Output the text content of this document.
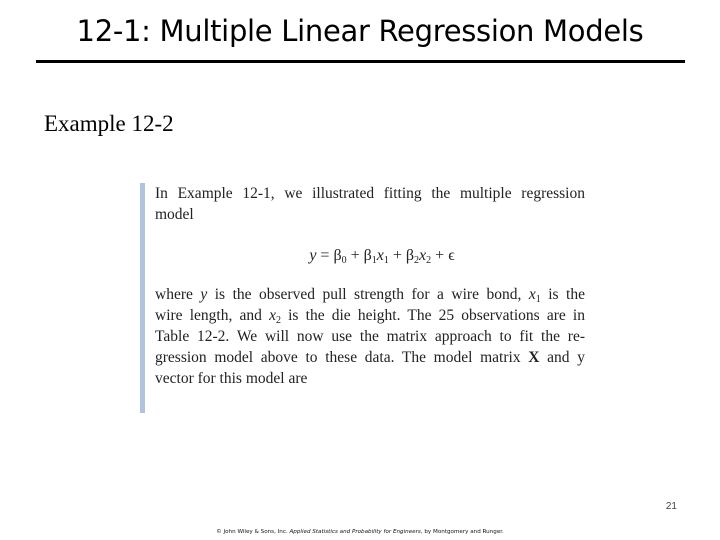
12-1: Multiple Linear Regression Models
Example 12-2

In Example 12-1, we illustrated fitting the multiple regression
model

$y = \beta_0 + \beta_1x_1 + \beta_2x_2 + \epsilon$

where y is the observed pull strength for a wire bond, $x_1$ is the
wire length, and $x_2$ is the die height. The 25 observations are in
Table 12-2. We will now use the matrix approach to fit the re-
gression model above to these data. The model matrix X and y
vector for this model are

21
© John Wiley & Sons, Inc. Applied Statistics and Probability for Engineers, by Montgomery and Runger.
